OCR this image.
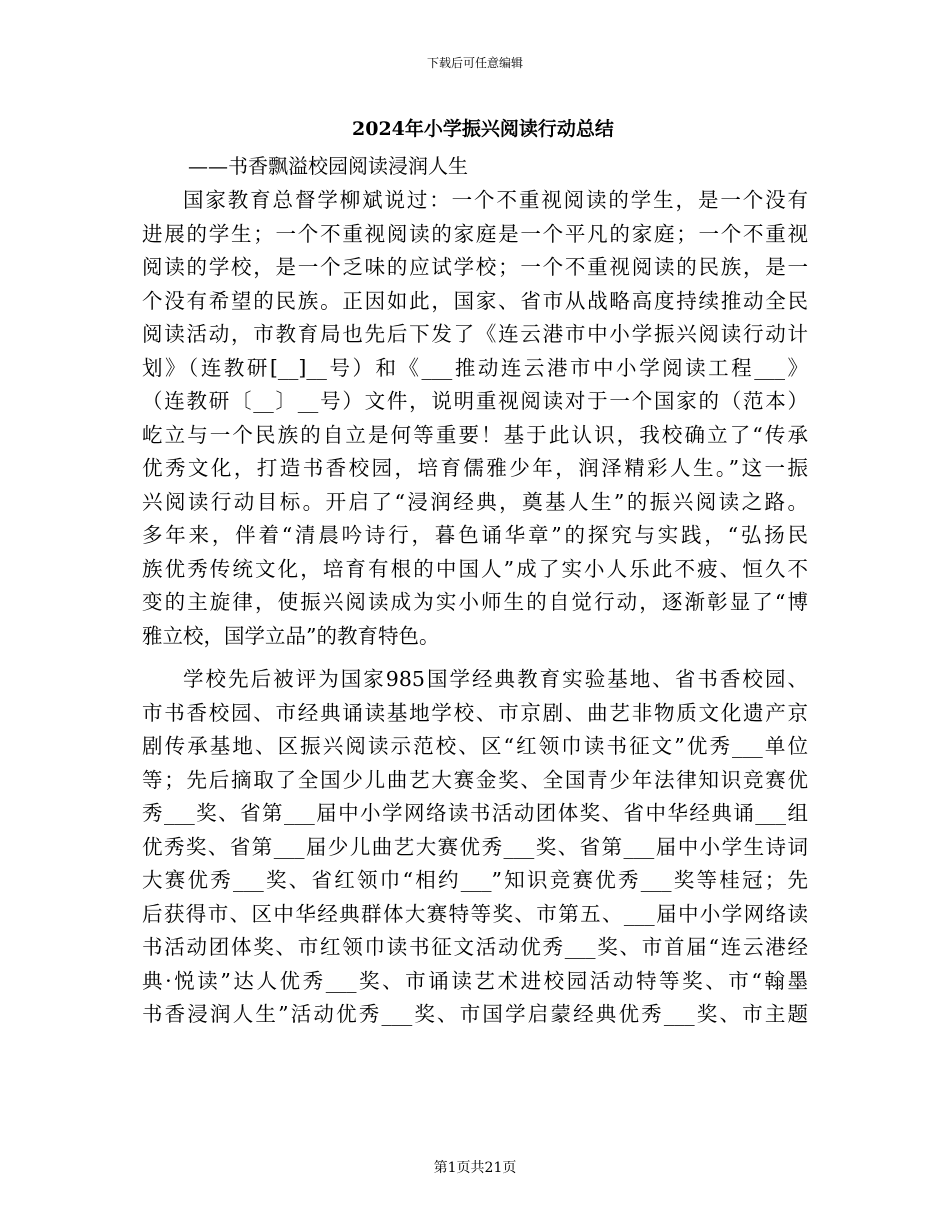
下载后可任意编辑
2024年小学振兴阅读行动总结
——书香飘溢校园阅读浸润人生
国家教育总督学柳斌说过：一个不重视阅读的学生，是一个没有
进展的学生；一个不重视阅读的家庭是一个平凡的家庭；一个不重视
阅读的学校，是一个乏味的应试学校；一个不重视阅读的民族，是一
个没有希望的民族。正因如此，国家、省市从战略高度持续推动全民
阅读活动，市教育局也先后下发了《连云港市中小学振兴阅读行动计
划》（连教研[__]__号）和《___推动连云港市中小学阅读工程___》
（连教研〔__〕__号）文件，说明重视阅读对于一个国家的（范本）
屹立与一个民族的自立是何等重要！基于此认识，我校确立了“传承
优秀文化，打造书香校园，培育儒雅少年，润泽精彩人生。”这一振
兴阅读行动目标。开启了“浸润经典，奠基人生”的振兴阅读之路。
多年来，伴着“清晨吟诗行，暮色诵华章”的探究与实践，“弘扬民
族优秀传统文化，培育有根的中国人”成了实小人乐此不疲、恒久不
变的主旋律，使振兴阅读成为实小师生的自觉行动，逐渐彰显了“博
雅立校，国学立品”的教育特色。
学校先后被评为国家985国学经典教育实验基地、省书香校园、
市书香校园、市经典诵读基地学校、市京剧、曲艺非物质文化遗产京
剧传承基地、区振兴阅读示范校、区“红领巾读书征文”优秀___单位
等；先后摘取了全国少儿曲艺大赛金奖、全国青少年法律知识竞赛优
秀___奖、省第___届中小学网络读书活动团体奖、省中华经典诵___组
优秀奖、省第___届少儿曲艺大赛优秀___奖、省第___届中小学生诗词
大赛优秀___奖、省红领巾“相约___”知识竞赛优秀___奖等桂冠；先
后获得市、区中华经典群体大赛特等奖、市第五、___届中小学网络读
书活动团体奖、市红领巾读书征文活动优秀___奖、市首届“连云港经
典·悦读”达人优秀___奖、市诵读艺术进校园活动特等奖、市“翰墨
书香浸润人生”活动优秀___奖、市国学启蒙经典优秀___奖、市主题
第1页共21页
